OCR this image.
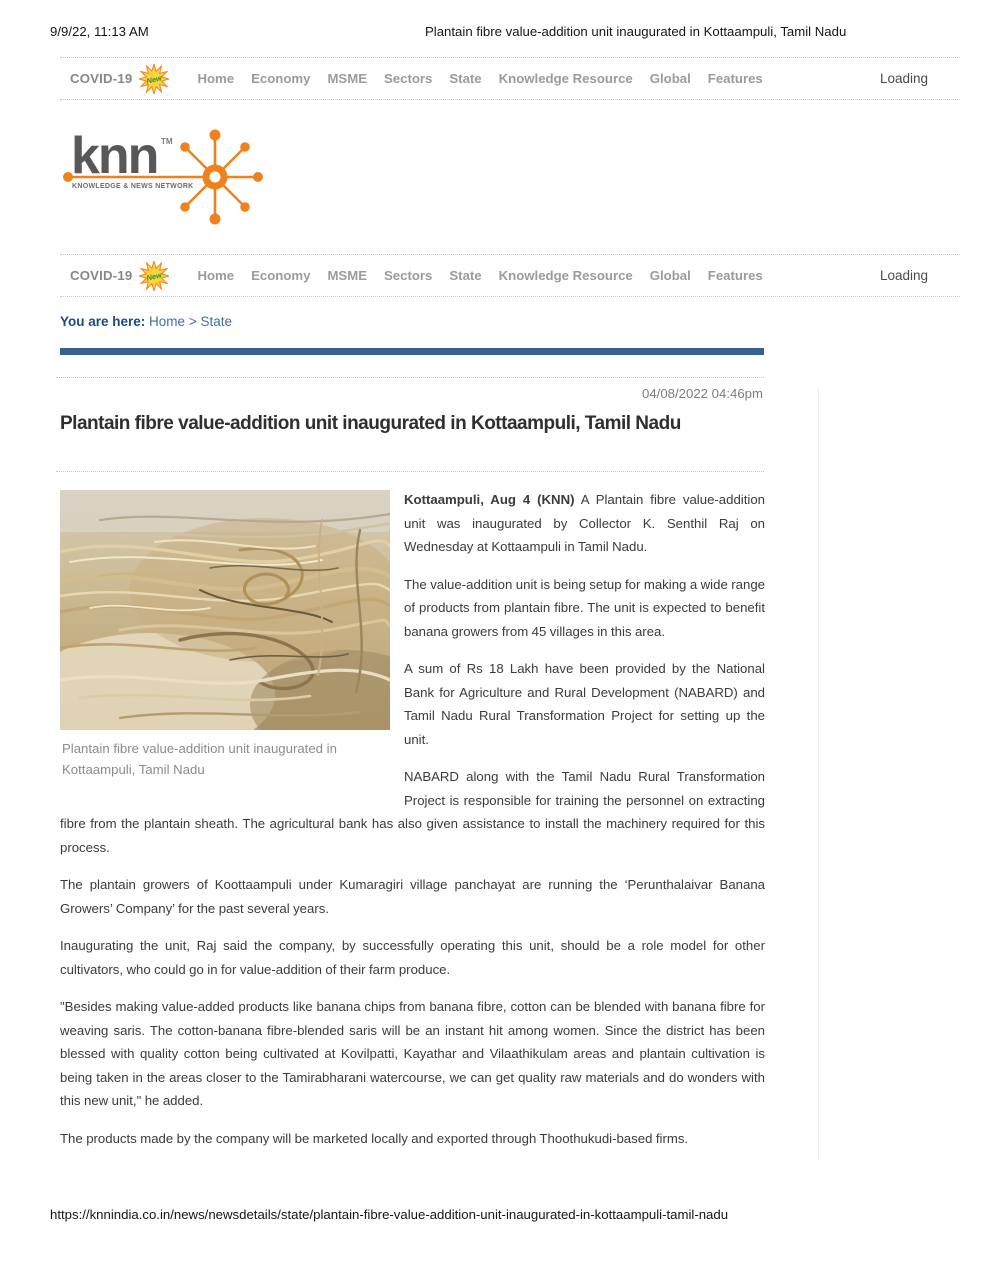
9/9/22, 11:13 AM	Plantain fibre value-addition unit inaugurated in Kottaampuli, Tamil Nadu
COVID-19 New	Home Economy MSME Sectors State Knowledge Resource Global Features	Loading
knn TM
KNOWLEDGE & NEWS NETWORK
COVID-19 New	Home Economy MSME Sectors State Knowledge Resource Global Features	Loading
You are here: Home > State
04/08/2022 04:46pm
Plantain fibre value-addition unit inaugurated in Kottaampuli, Tamil Nadu
Plantain fibre value-addition unit inaugurated in Kottaampuli, Tamil Nadu

Kottaampuli, Aug 4 (KNN) A Plantain fibre value-addition unit was inaugurated by Collector K. Senthil Raj on Wednesday at Kottaampuli in Tamil Nadu.

The value-addition unit is being setup for making a wide range of products from plantain fibre. The unit is expected to benefit banana growers from 45 villages in this area.

A sum of Rs 18 Lakh have been provided by the National Bank for Agriculture and Rural Development (NABARD) and Tamil Nadu Rural Transformation Project for setting up the unit.

NABARD along with the Tamil Nadu Rural Transformation Project is responsible for training the personnel on extracting fibre from the plantain sheath. The agricultural bank has also given assistance to install the machinery required for this process.

The plantain growers of Koottaampuli under Kumaragiri village panchayat are running the ‘Perunthalaivar Banana Growers’ Company’ for the past several years.

Inaugurating the unit, Raj said the company, by successfully operating this unit, should be a role model for other cultivators, who could go in for value-addition of their farm produce.

"Besides making value-added products like banana chips from banana fibre, cotton can be blended with banana fibre for weaving saris. The cotton-banana fibre-blended saris will be an instant hit among women. Since the district has been blessed with quality cotton being cultivated at Kovilpatti, Kayathar and Vilaathikulam areas and plantain cultivation is being taken in the areas closer to the Tamirabharani watercourse, we can get quality raw materials and do wonders with this new unit," he added.

The products made by the company will be marketed locally and exported through Thoothukudi-based firms.

https://knnindia.co.in/news/newsdetails/state/plantain-fibre-value-addition-unit-inaugurated-in-kottaampuli-tamil-nadu
